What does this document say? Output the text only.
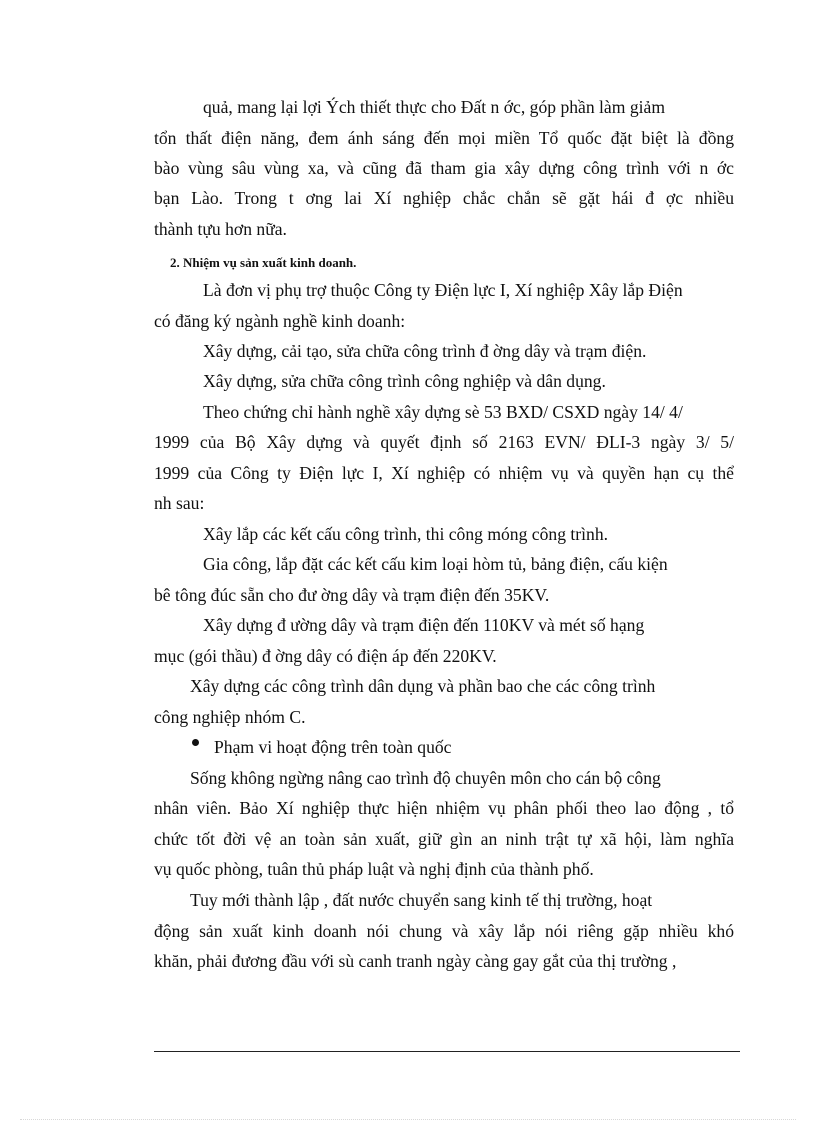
quả, mang lại lợi Ých thiết thực cho Đất n ớc, góp phần làm giảm
tổn thất điện năng, đem ánh sáng đến mọi miền Tổ quốc đặt biệt là đồng
bào vùng sâu vùng xa, và cũng đã tham gia xây dựng công trình với n ớc
bạn Lào. Trong t ơng lai Xí nghiệp chắc chắn sẽ gặt hái đ ợc nhiều
thành tựu hơn nữa.
2. Nhiệm vụ sản xuất kinh doanh.
Là đơn vị phụ trợ thuộc Công ty Điện lực I, Xí nghiệp Xây lắp Điện
có đăng ký ngành nghề kinh doanh:
Xây dựng, cải tạo, sửa chữa công trình đ ờng dây và trạm điện.
Xây dựng, sửa chữa công trình công nghiệp và dân dụng.
Theo chứng chỉ hành nghề xây dựng sè 53 BXD/ CSXD ngày 14/ 4/
1999 của Bộ Xây dựng và quyết định số 2163 EVN/ ĐLI-3 ngày 3/ 5/
1999 của Công ty Điện lực I, Xí nghiệp có nhiệm vụ và quyền hạn cụ thể
nh sau:
Xây lắp các kết cấu công trình, thi công móng công trình.
Gia công, lắp đặt các kết cấu kim loại hòm tủ, bảng điện, cấu kiện
bê tông đúc sẵn cho đư ờng dây và trạm điện đến 35KV.
Xây dựng đ ường dây và trạm điện đến 110KV và mét số hạng
mục (gói thầu) đ ờng dây có điện áp đến 220KV.
Xây dựng các công trình dân dụng và phần bao che các công trình
công nghiệp nhóm C.
Phạm vi hoạt động trên toàn quốc
Sống không ngừng nâng cao trình độ chuyên môn cho cán bộ công
nhân viên. Bảo Xí nghiệp thực hiện nhiệm vụ phân phối theo lao động , tổ
chức tốt đời vệ an toàn sản xuất, giữ gìn an ninh trật tự xã hội, làm nghĩa
vụ quốc phòng, tuân thủ pháp luật và nghị định của thành phố.
Tuy mới thành lập , đất nước chuyển sang kinh tế thị trường, hoạt
động sản xuất kinh doanh nói chung và xây lắp nói riêng gặp nhiều khó
khăn, phải đương đầu với sù canh tranh ngày càng gay gắt của thị trường ,
